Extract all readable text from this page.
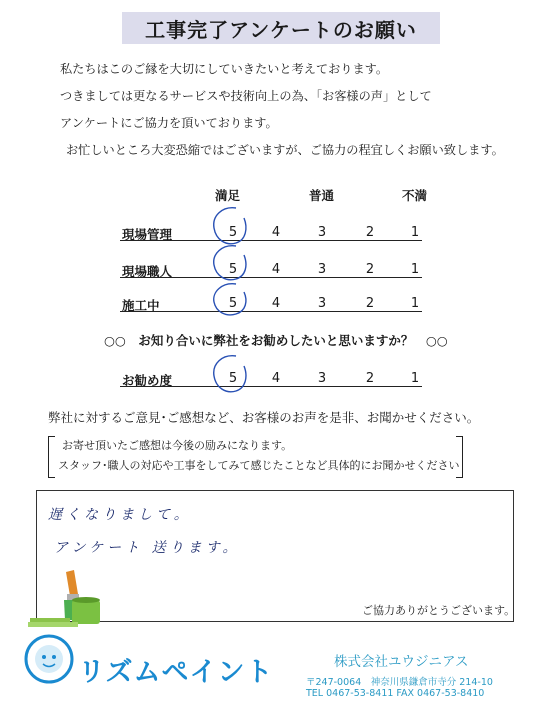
工事完了アンケートのお願い
私たちはこのご縁を大切にしていきたいと考えております。
つきましては更なるサービスや技術向上の為、「お客様の声」として
アンケートにご協力を頂いております。
お忙しいところ大変恐縮ではございますが、ご協力の程宜しくお願い致します。
満足	普通	不満
現場管理	5	4	3	2	1
現場職人	5	4	3	2	1
施工中	5	4	3	2	1
○○　お知り合いに弊社をお勧めしたいと思いますか？　○○
お勧め度	5	4	3	2	1
弊社に対するご意見･ご感想など、お客様のお声を是非、お聞かせください。
お寄せ頂いたご感想は今後の励みになります。
スタッフ･職人の対応や工事をしてみて感じたことなど具体的にお聞かせください
遅くなりまして。
アンケート 送ります。
ご協力ありがとうございます。
リズムペイント	株式会社ユウジニアス
〒247-0064　神奈川県鎌倉市寺分 214-10
TEL 0467-53-8411 FAX 0467-53-8410
